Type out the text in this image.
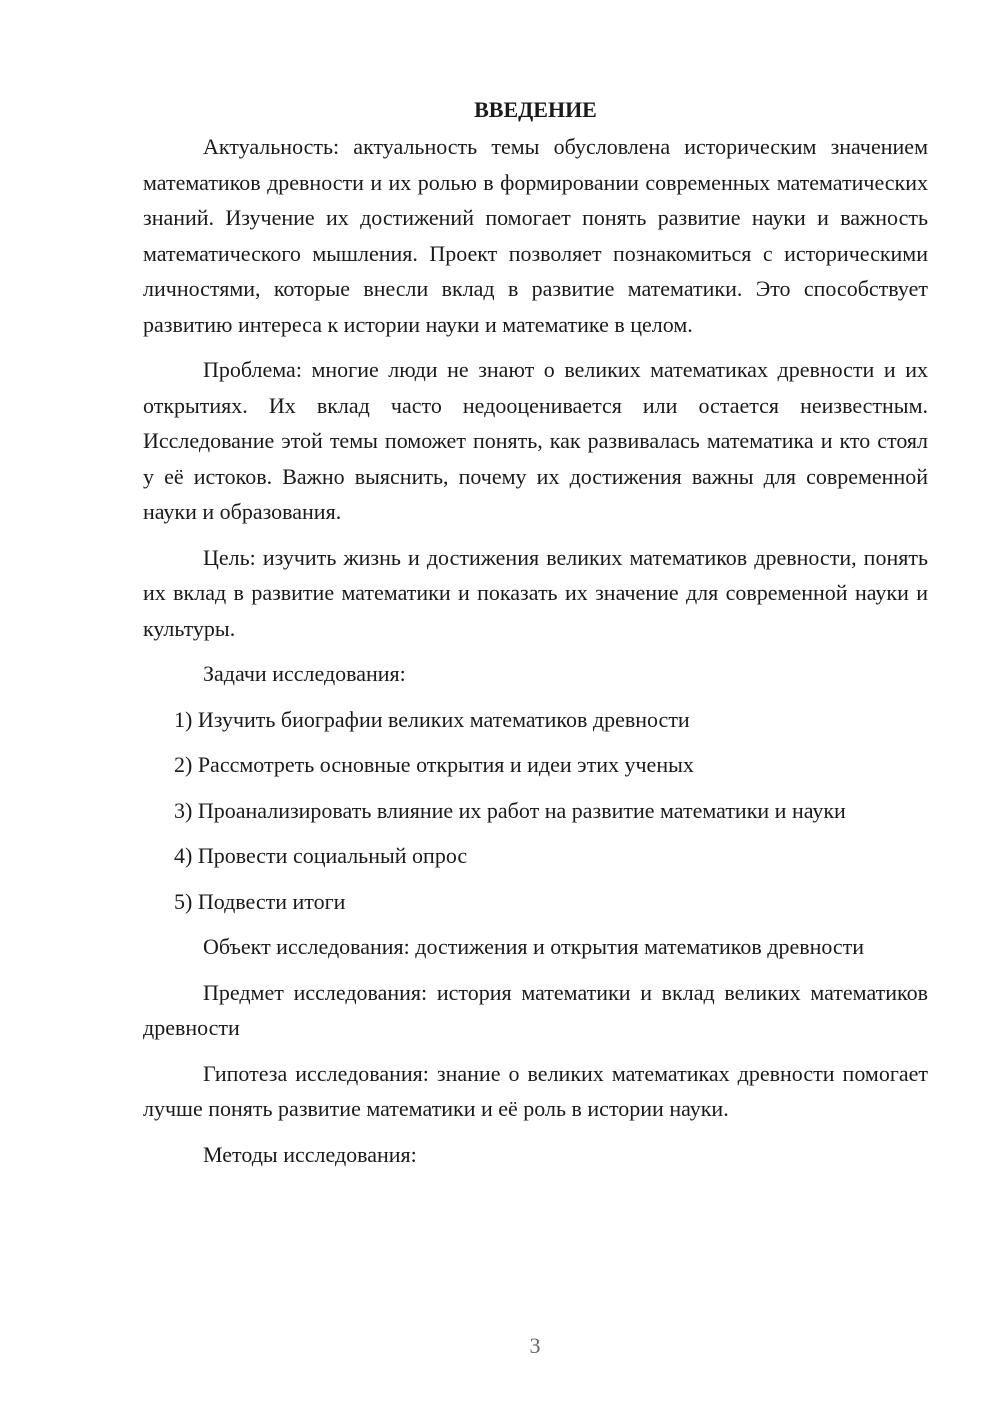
ВВЕДЕНИЕ

Актуальность: актуальность темы обусловлена историческим значением математиков древности и их ролью в формировании современных математических знаний. Изучение их достижений помогает понять развитие науки и важность математического мышления. Проект позволяет познакомиться с историческими личностями, которые внесли вклад в развитие математики. Это способствует развитию интереса к истории науки и математике в целом.

Проблема: многие люди не знают о великих математиках древности и их открытиях. Их вклад часто недооценивается или остается неизвестным. Исследование этой темы поможет понять, как развивалась математика и кто стоял у её истоков. Важно выяснить, почему их достижения важны для современной науки и образования.

Цель: изучить жизнь и достижения великих математиков древности, понять их вклад в развитие математики и показать их значение для современной науки и культуры.

Задачи исследования:

1) Изучить биографии великих математиков древности

2) Рассмотреть основные открытия и идеи этих ученых

3) Проанализировать влияние их работ на развитие математики и науки

4) Провести социальный опрос

5) Подвести итоги

Объект исследования: достижения и открытия математиков древности

Предмет исследования: история математики и вклад великих математиков древности

Гипотеза исследования: знание о великих математиках древности помогает лучше понять развитие математики и её роль в истории науки.

Методы исследования:

3
